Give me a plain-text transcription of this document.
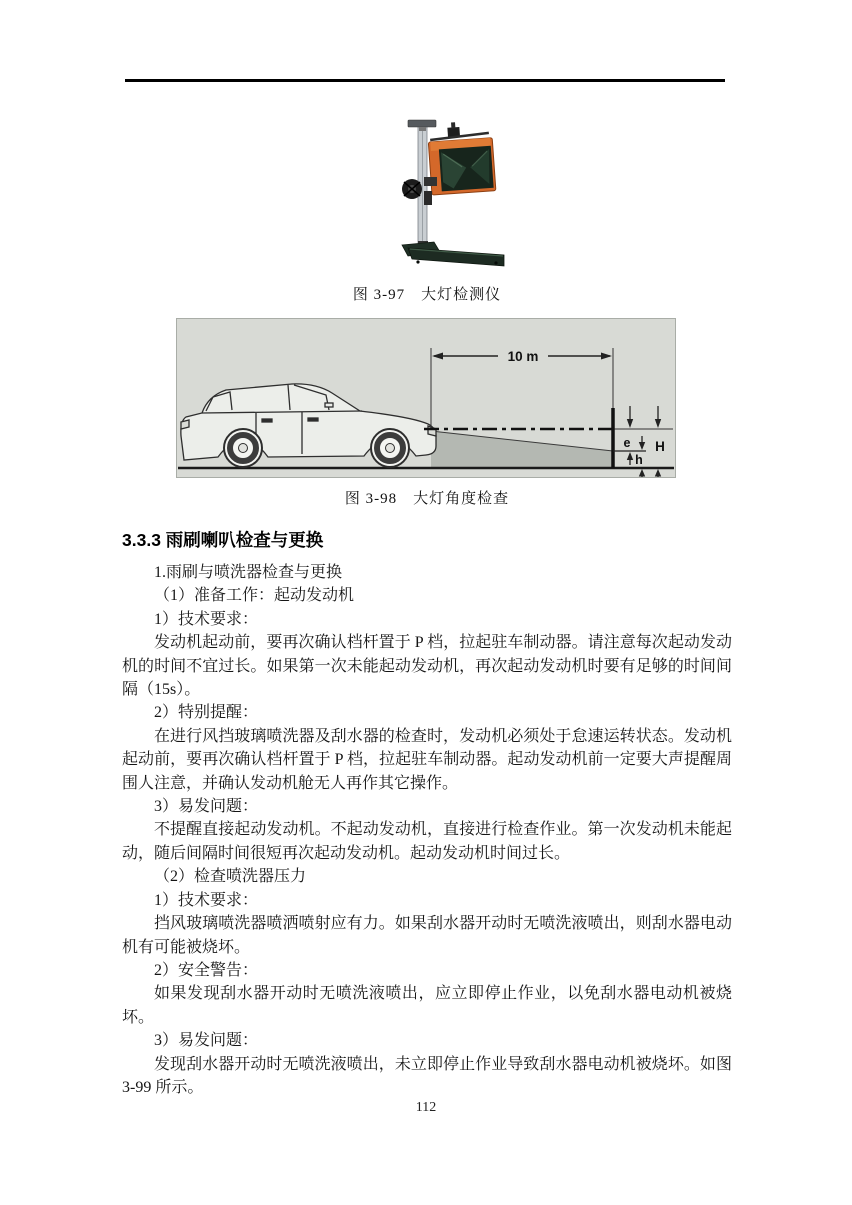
图 3-97　大灯检测仪
10 m
e H
h
图 3-98　大灯角度检查
3.3.3 雨刷喇叭检查与更换

1.雨刷与喷洗器检查与更换

（1）准备工作：起动发动机

1）技术要求：

发动机起动前，要再次确认档杆置于 P 档，拉起驻车制动器。请注意每次起动发动机的时间不宜过长。如果第一次未能起动发动机，再次起动发动机时要有足够的时间间隔（15s）。

2）特别提醒：

在进行风挡玻璃喷洗器及刮水器的检查时，发动机必须处于怠速运转状态。发动机起动前，要再次确认档杆置于 P 档，拉起驻车制动器。起动发动机前一定要大声提醒周围人注意，并确认发动机舱无人再作其它操作。

3）易发问题：

不提醒直接起动发动机。不起动发动机，直接进行检查作业。第一次发动机未能起动，随后间隔时间很短再次起动发动机。起动发动机时间过长。

（2）检查喷洗器压力

1）技术要求：

挡风玻璃喷洗器喷洒喷射应有力。如果刮水器开动时无喷洗液喷出，则刮水器电动机有可能被烧坏。

2）安全警告：

如果发现刮水器开动时无喷洗液喷出，应立即停止作业，以免刮水器电动机被烧坏。

3）易发问题：

发现刮水器开动时无喷洗液喷出，未立即停止作业导致刮水器电动机被烧坏。如图 3-99 所示。

112
